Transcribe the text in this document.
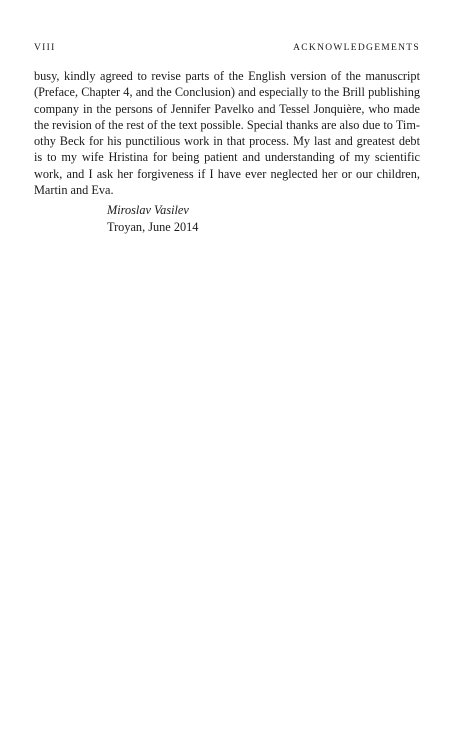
VIII	ACKNOWLEDGEMENTS

busy, kindly agreed to revise parts of the English version of the manuscript (Preface, Chapter 4, and the Conclusion) and especially to the Brill publishing company in the persons of Jennifer Pavelko and Tessel Jonquière, who made the revision of the rest of the text possible. Special thanks are also due to Timothy Beck for his punctilious work in that process. My last and greatest debt is to my wife Hristina for being patient and understanding of my scientific work, and I ask her forgiveness if I have ever neglected her or our children, Martin and Eva.

Miroslav Vasilev
Troyan, June 2014
